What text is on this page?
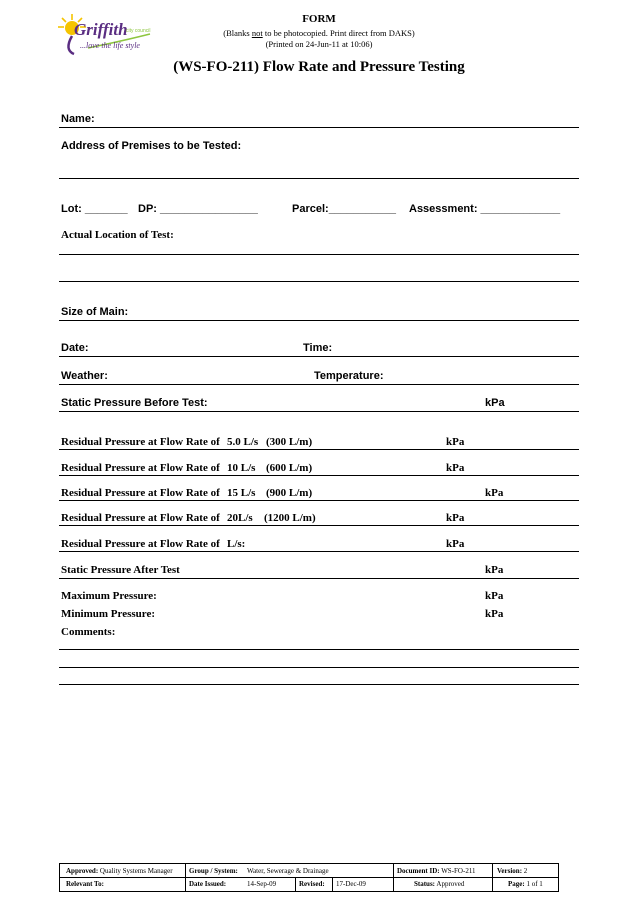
Griffith
city council
...love the life style
FORM
(Blanks not to be photocopied. Print direct from DAKS)
(Printed on 24-Jun-11 at 10:06)
(WS-FO-211) Flow Rate and Pressure Testing
Name:
Address of Premises to be Tested:
Lot: _______ DP: ________________	Parcel:___________ Assessment: _____________
Actual Location of Test:
Size of Main:
Date:	Time:
Weather:	Temperature:
Static Pressure Before Test:	kPa
Residual Pressure at Flow Rate of 5.0 L/s (300 L/m)	kPa
Residual Pressure at Flow Rate of 10 L/s (600 L/m)	kPa
Residual Pressure at Flow Rate of 15 L/s (900 L/m)	kPa
Residual Pressure at Flow Rate of 20L/s (1200 L/m)	kPa
Residual Pressure at Flow Rate of L/s:	kPa
Static Pressure After Test	kPa
Maximum Pressure:	kPa
Minimum Pressure:	kPa
Comments:
Approved: Quality Systems Manager Group / System: Water, Sewerage & Drainage	Document ID: WS-FO-211	Version: 2
Relevant To:	Date Issued:	14-Sep-09	Revised: 17-Dec-09	Status: Approved	Page: 1 of 1
